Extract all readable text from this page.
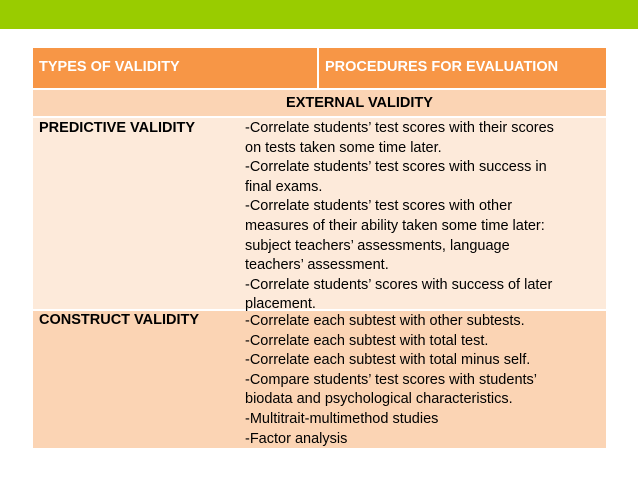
TYPES OF VALIDITY	PROCEDURES FOR EVALUATION
EXTERNAL VALIDITY
PREDICTIVE VALIDITY	-Correlate students’ test scores with their scores
on tests taken some time later.
-Correlate students’ test scores with success in
final exams.
-Correlate students’ test scores with other
measures of their ability taken some time later:
subject teachers’ assessments, language
teachers’ assessment.
-Correlate students’ scores with success of later
placement.
CONSTRUCT VALIDITY	-Correlate each subtest with other subtests.
-Correlate each subtest with total test.
-Correlate each subtest with total minus self.
-Compare students’ test scores with students’
biodata and psychological characteristics.
-Multitrait-multimethod studies
-Factor analysis
